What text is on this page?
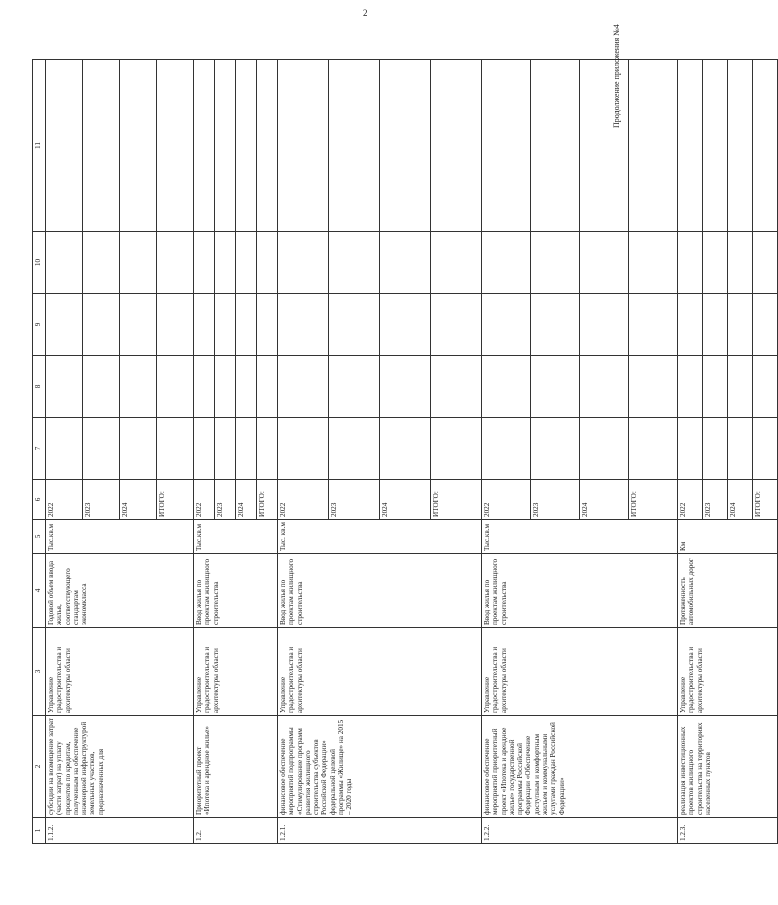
2
1	2	3	4	5	6	7	8	9	10	11
1.1.2.	субсидии на возмещение затрат (части затрат) на уплату процентов по кредитам, полученным на обеспечение инженерной инфраструктурой земельных участков, предназначенных для	Управление градостроительства и архитектуры области	Годовой объем ввода жилья, соответствующего стандартам экономкласса	Тыс.кв.м	2022					
					2023					
					2024					
					ИТОГО:					
1.2.	Приоритетный проект «Ипотека и арендное жилье»	Управление градостроительства и архитектуры области	Ввод жилья по проектам жилищного строительства	Тыс.кв.м	2022					
					2023					
					2024					
					ИТОГО:					
1.2.1.	финансовое обеспечение мероприятий подпрограммы «Стимулирование программ развития жилищного строительства субъектов Российской Федерации» федеральной целевой программы «Жилище» на 2015 – 2020 годы	Управление градостроительства и архитектуры области	Ввод жилья по проектам жилищного строительства	Тыс. кв.м	2022					
					2023					
					2024					
					ИТОГО:					
1.2.2.	финансовое обеспечение мероприятий приоритетный проект «Ипотека и арендное жилье» государственной программы Российской Федерации «Обеспечение доступным и комфортным жильем и коммунальными услугами граждан Российской Федерации»	Управление градостроительства и архитектуры области	Ввод жилья по проектам жилищного строительства	Тыс.кв.м	2022					
					2023					
					2024					
					ИТОГО:					
1.2.3.	реализация инвестиционных проектов жилищного строительства на территориях населенных пунктов	Управление градостроительства и архитектуры области	Протяженность автомобильных дорог	Км	2022					
					2023					
					2024					
					ИТОГО:					
Продолжение приложения №4
